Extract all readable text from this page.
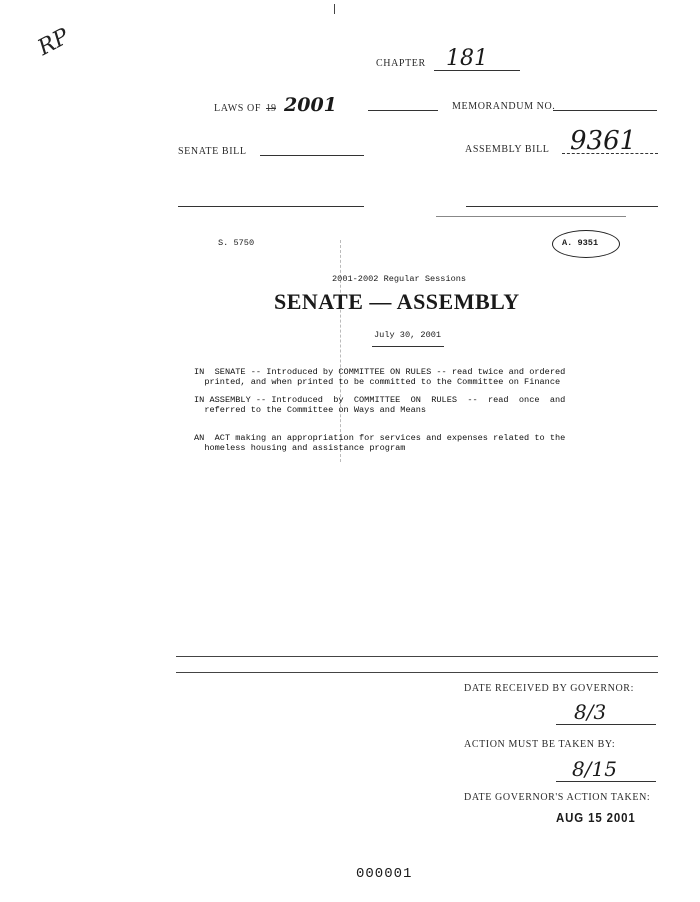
RP
CHAPTER 181
LAWS OF 19 2001	MEMORANDUM NO.
SENATE BILL	ASSEMBLY BILL 9361
S. 5750	A. 9351
2001-2002 Regular Sessions
SENATE — ASSEMBLY
July 30, 2001
IN  SENATE -- Introduced by COMMITTEE ON RULES -- read twice and ordered
printed, and when printed to be committed to the Committee on Finance
IN ASSEMBLY -- Introduced  by  COMMITTEE  ON  RULES  --  read  once  and
referred to the Committee on Ways and Means
AN  ACT making an appropriation for services and expenses related to the
homeless housing and assistance program
DATE RECEIVED BY GOVERNOR:
8/3
ACTION MUST BE TAKEN BY:
8/15
DATE GOVERNOR'S ACTION TAKEN:
AUG 15 2001
000001
